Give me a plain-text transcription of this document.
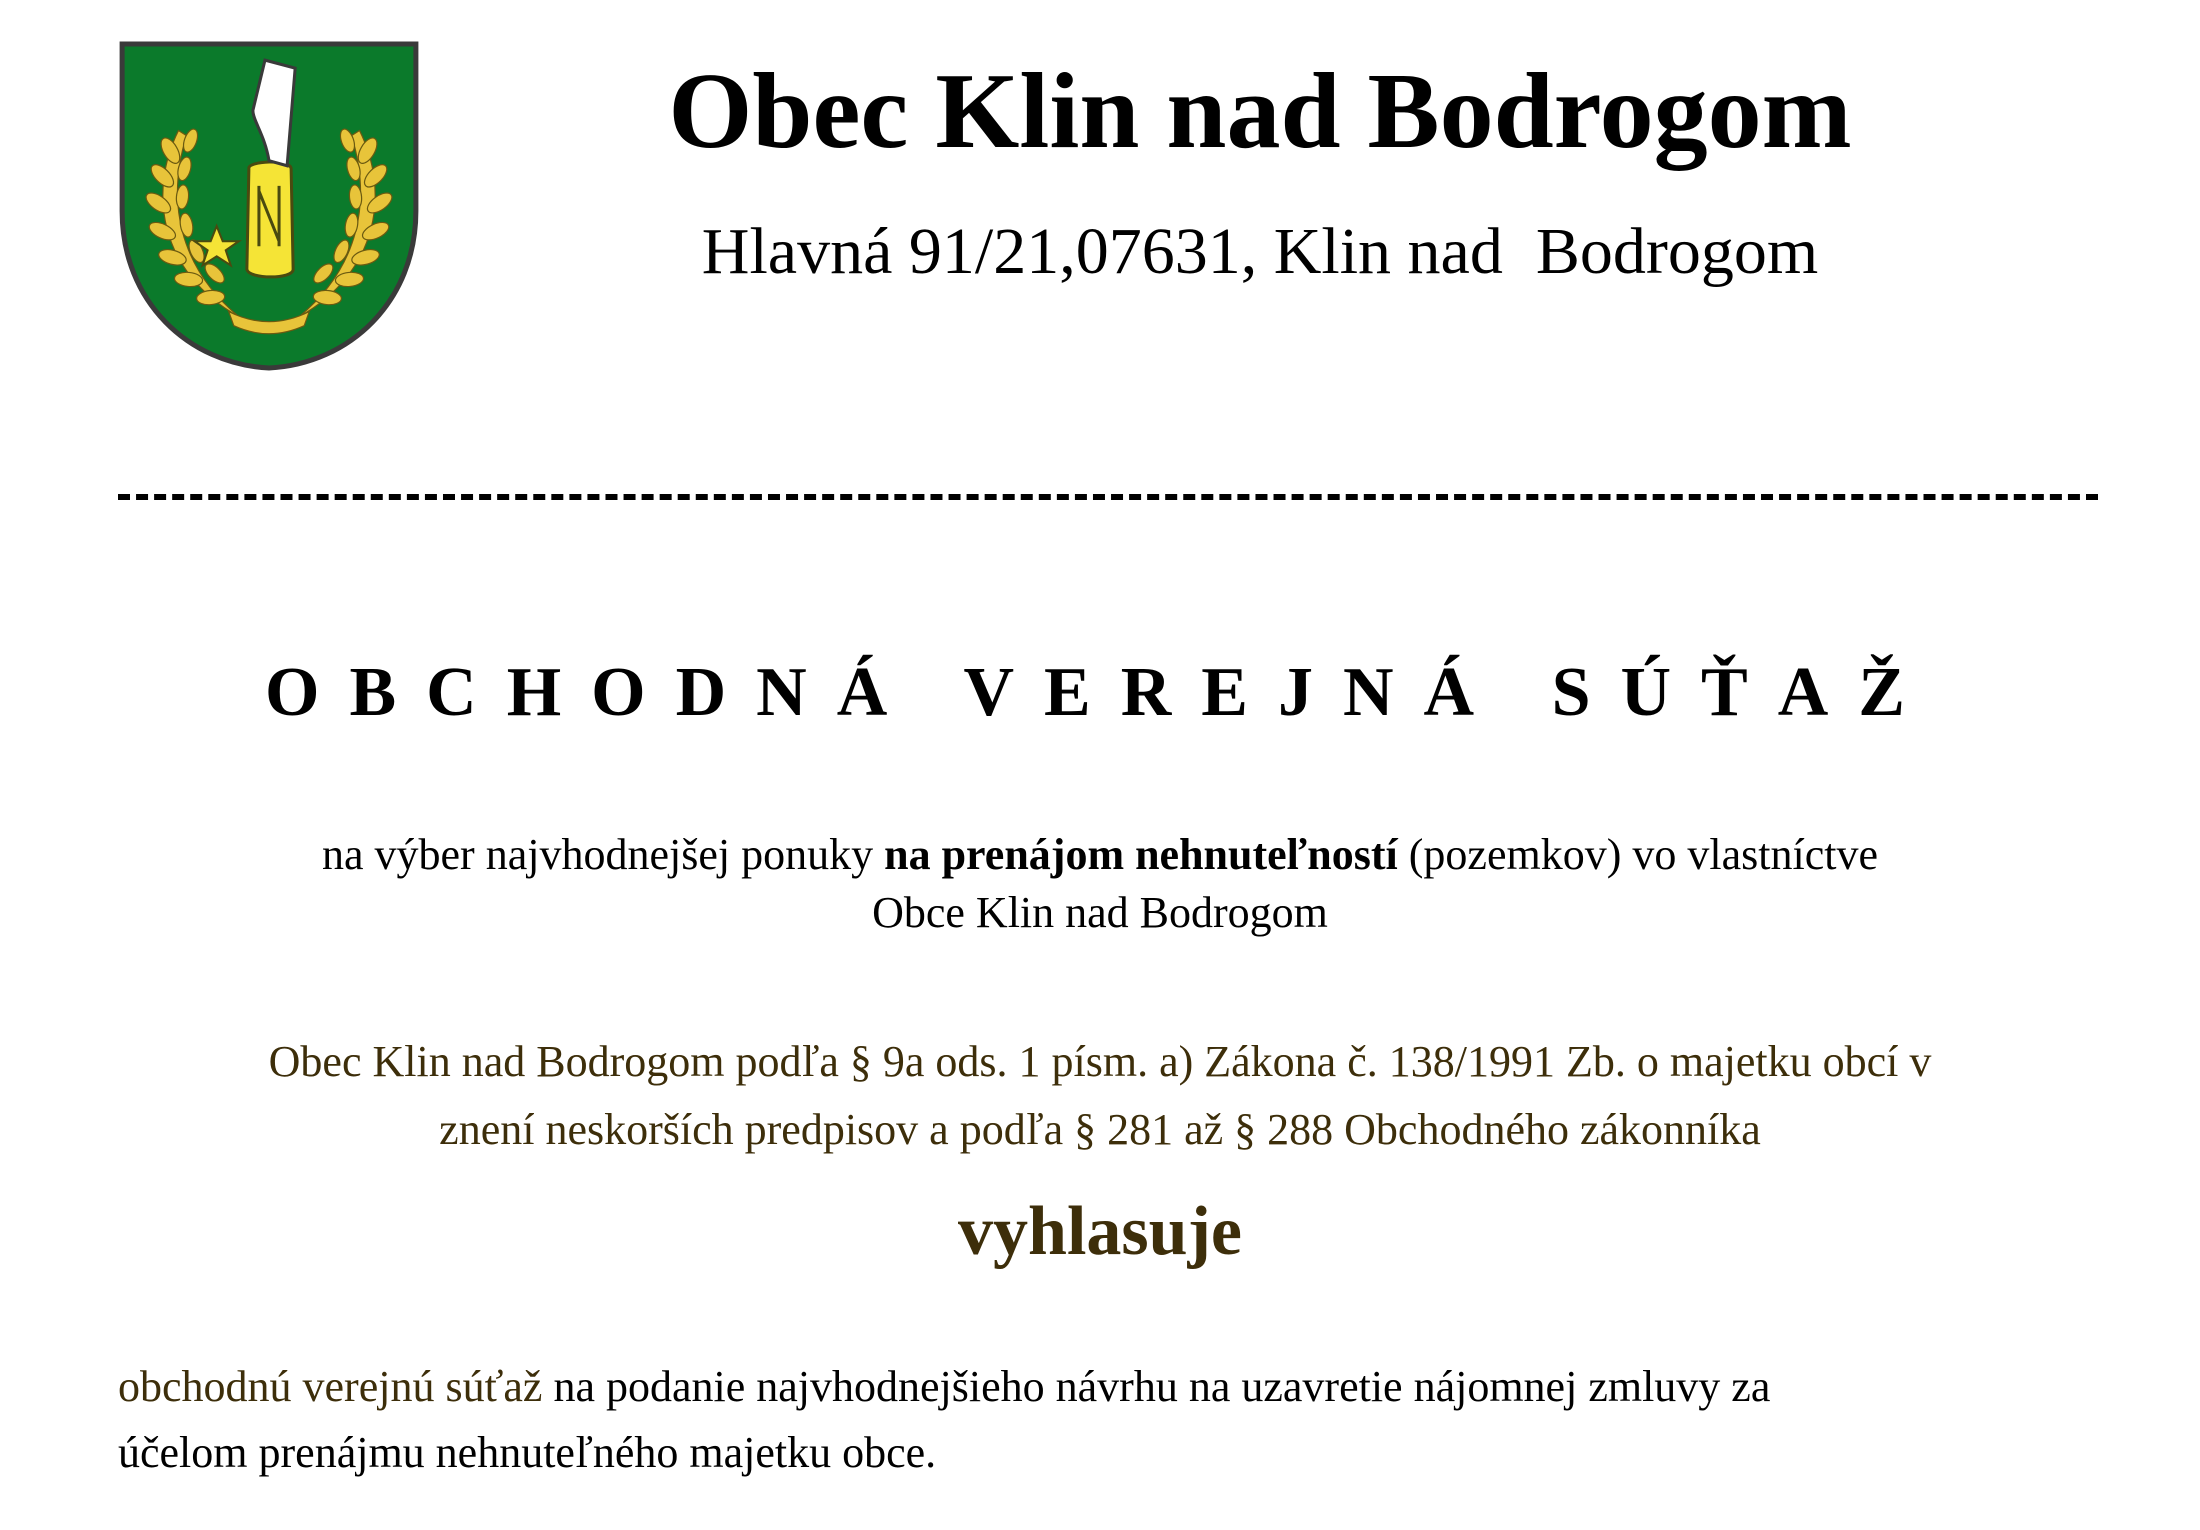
Obec Klin nad Bodrogom
Hlavná 91/21,07631, Klin nad  Bodrogom
OBCHODNÁ VEREJNÁ SÚŤAŽ
na výber najvhodnejšej ponuky na prenájom nehnuteľností (pozemkov) vo vlastníctve
Obce Klin nad Bodrogom
Obec Klin nad Bodrogom podľa § 9a ods. 1 písm. a) Zákona č. 138/1991 Zb. o majetku obcí v
znení neskorších predpisov a podľa § 281 až § 288 Obchodného zákonníka
vyhlasuje
obchodnú verejnú súťaž na podanie najvhodnejšieho návrhu na uzavretie nájomnej zmluvy za
účelom prenájmu nehnuteľného majetku obce.
